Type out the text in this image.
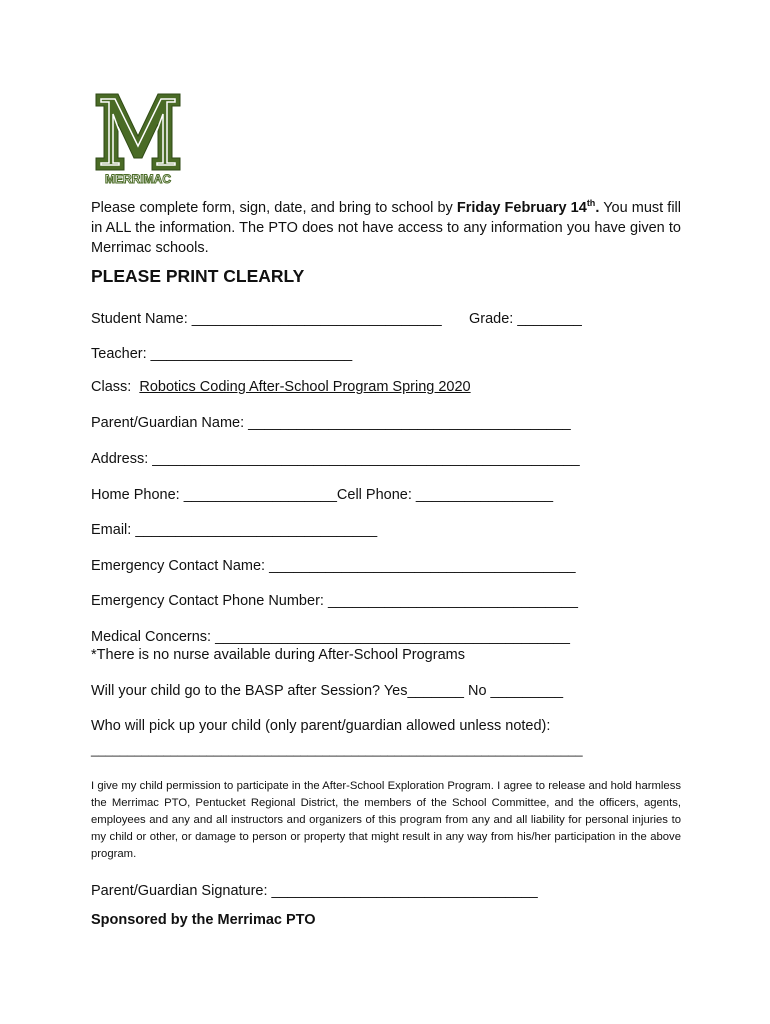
MERRIMAC
Please complete form, sign, date, and bring to school by Friday February 14th. You must fill in ALL the information. The PTO does not have access to any information you have given to Merrimac schools.
PLEASE PRINT CLEARLY
Student Name: _______________________________ Grade: ________
Teacher: _________________________
Class: Robotics Coding After-School Program Spring 2020
Parent/Guardian Name: ________________________________________
Address: _____________________________________________________
Home Phone: ___________________Cell Phone: _________________
Email: ______________________________
Emergency Contact Name: ______________________________________
Emergency Contact Phone Number: _______________________________
Medical Concerns: ____________________________________________
*There is no nurse available during After-School Programs
Will your child go to the BASP after Session? Yes_______ No _________
Who will pick up your child (only parent/guardian allowed unless noted):
____________________________________________________________________
I give my child permission to participate in the After-School Exploration Program. I agree to release and hold harmless the Merrimac PTO, Pentucket Regional District, the members of the School Committee, and the officers, agents, employees and any and all instructors and organizers of this program from any and all liability for personal injuries to my child or other, or damage to person or property that might result in any way from his/her participation in the above program.
Parent/Guardian Signature: _________________________________
Sponsored by the Merrimac PTO
